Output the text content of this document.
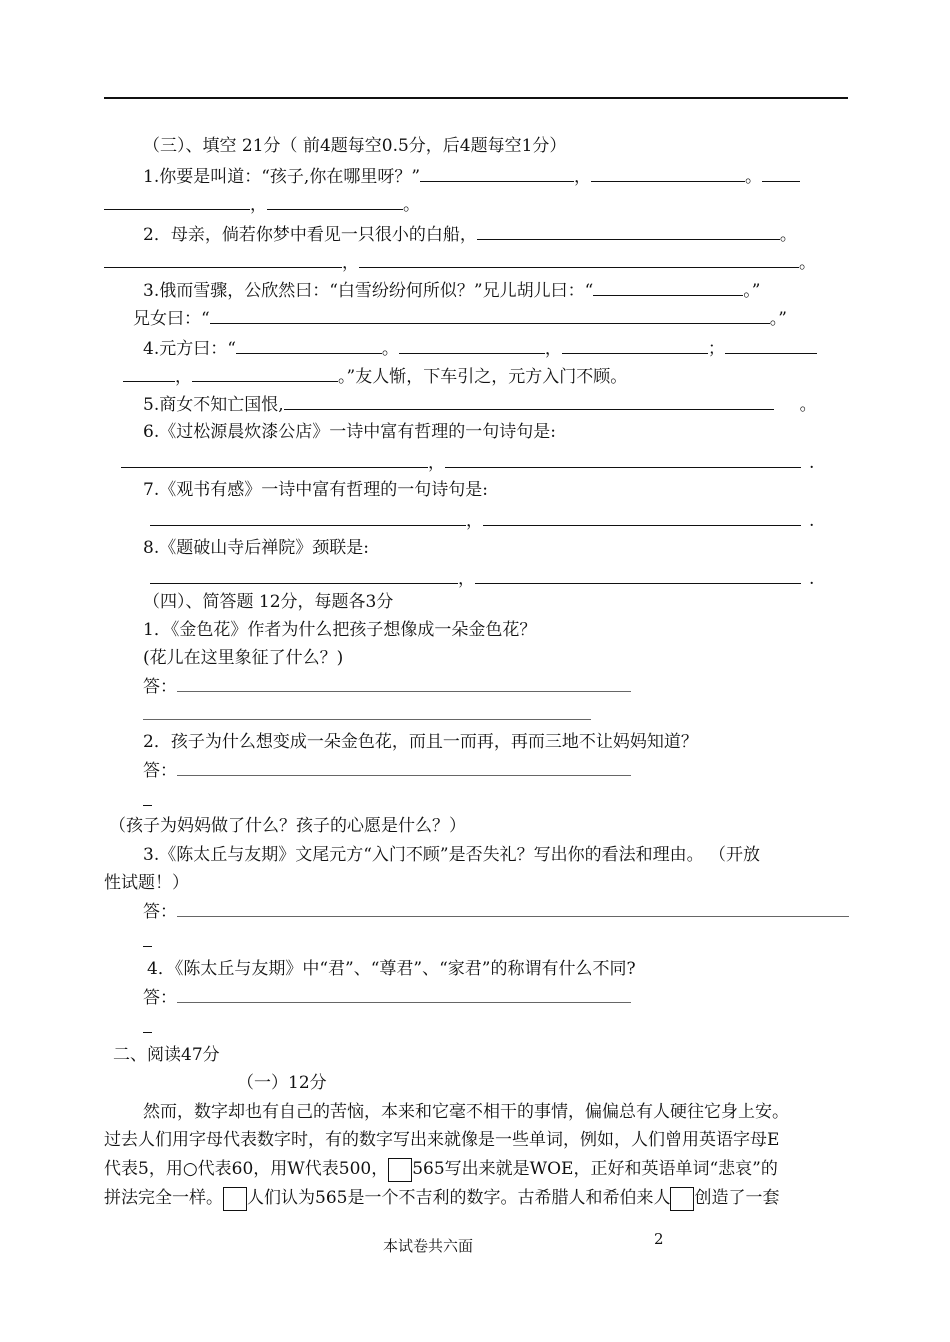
（三）、填空 21分（ 前4题每空0.5分，后4题每空1分）
1.你要是叫道：“孩子,你在哪里呀？”	，	。
，	。
2．母亲，倘若你梦中看见一只很小的白船，	。
，	。
3.俄而雪骤，公欣然曰：“白雪纷纷何所似？”兄儿胡儿曰：“	。”
兄女曰：“	。”
4.元方曰：“	。	，	；
，	。”友人惭，下车引之，元方入门不顾。
5.商女不知亡国恨,	。
6.《过松源晨炊漆公店》一诗中富有哲理的一句诗句是:
，	.
7.《观书有感》一诗中富有哲理的一句诗句是:
，	.
8.《题破山寺后禅院》颈联是:
，	.
（四）、简答题 12分，每题各3分
1．《金色花》作者为什么把孩子想像成一朵金色花？
(花儿在这里象征了什么？)
答：
2．孩子为什么想变成一朵金色花，而且一而再，再而三地不让妈妈知道？
答：
（孩子为妈妈做了什么？孩子的心愿是什么？）
3.《陈太丘与友期》文尾元方“入门不顾”是否失礼？写出你的看法和理由。 （开放
性试题！）
答：
4．《陈太丘与友期》中“君”、“尊君”、“家君”的称谓有什么不同?
答：
二、阅读47分
（一）12分
然而，数字却也有自己的苦恼，本来和它毫不相干的事情，偏偏总有人硬往它身上安。
过去人们用字母代表数字时，有的数字写出来就像是一些单词，例如，人们曾用英语字母E
代表5，用○代表60，用W代表500， 565写出来就是WOE，正好和英语单词“悲哀”的
拼法完全一样。 人们认为565是一个不吉利的数字。古希腊人和希伯来人 创造了一套
本试卷共六面	2
